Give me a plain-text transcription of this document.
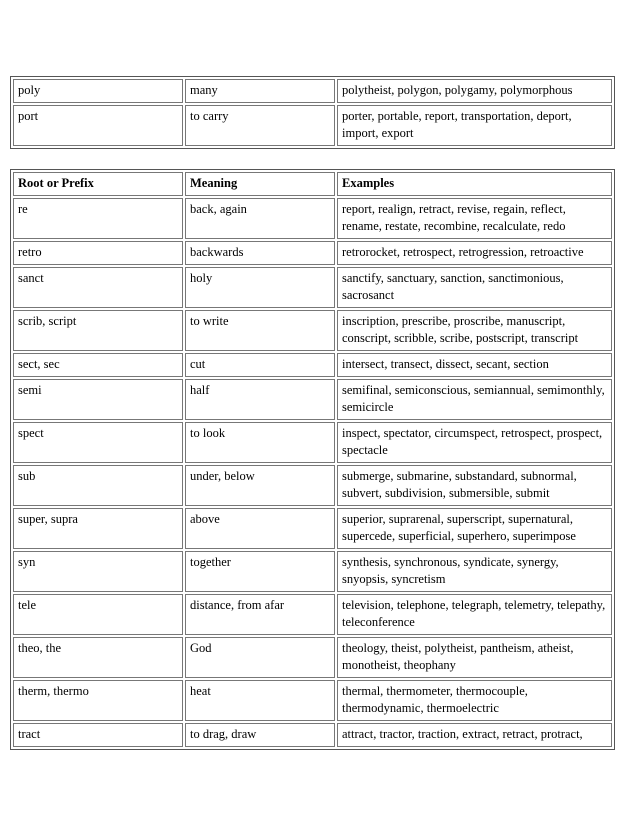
poly	many	polytheist, polygon, polygamy, polymorphous
port	to carry	porter, portable, report, transportation, deport, import, export
Root or Prefix	Meaning	Examples
re	back, again	report, realign, retract, revise, regain, reflect, rename, restate, recombine, recalculate, redo
retro	backwards	retrorocket, retrospect, retrogression, retroactive
sanct	holy	sanctify, sanctuary, sanction, sanctimonious, sacrosanct
scrib, script	to write	inscription, prescribe, proscribe, manuscript, conscript, scribble, scribe, postscript, transcript
sect, sec	cut	intersect, transect, dissect, secant, section
semi	half	semifinal, semiconscious, semiannual, semimonthly, semicircle
spect	to look	inspect, spectator, circumspect, retrospect, prospect, spectacle
sub	under, below	submerge, submarine, substandard, subnormal, subvert, subdivision, submersible, submit
super, supra	above	superior, suprarenal, superscript, supernatural, supercede, superficial, superhero, superimpose
syn	together	synthesis, synchronous, syndicate, synergy, snyopsis, syncretism
tele	distance, from afar	television, telephone, telegraph, telemetry, telepathy, teleconference
theo, the	God	theology, theist, polytheist, pantheism, atheist, monotheist, theophany
therm, thermo	heat	thermal, thermometer, thermocouple, thermodynamic, thermoelectric
tract	to drag, draw	attract, tractor, traction, extract, retract, protract,
